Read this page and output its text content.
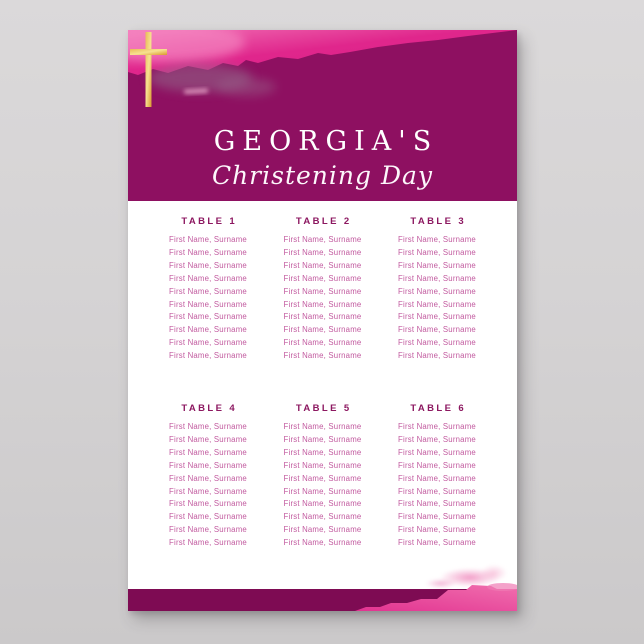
GEORGIA'S
Christening Day
TABLE 1
First Name, Surname
First Name, Surname
First Name, Surname
First Name, Surname
First Name, Surname
First Name, Surname
First Name, Surname
First Name, Surname
First Name, Surname
First Name, Surname
TABLE 2
First Name, Surname
First Name, Surname
First Name, Surname
First Name, Surname
First Name, Surname
First Name, Surname
First Name, Surname
First Name, Surname
First Name, Surname
First Name, Surname
TABLE 3
First Name, Surname
First Name, Surname
First Name, Surname
First Name, Surname
First Name, Surname
First Name, Surname
First Name, Surname
First Name, Surname
First Name, Surname
First Name, Surname
TABLE 4
First Name, Surname
First Name, Surname
First Name, Surname
First Name, Surname
First Name, Surname
First Name, Surname
First Name, Surname
First Name, Surname
First Name, Surname
First Name, Surname
TABLE 5
First Name, Surname
First Name, Surname
First Name, Surname
First Name, Surname
First Name, Surname
First Name, Surname
First Name, Surname
First Name, Surname
First Name, Surname
First Name, Surname
TABLE 6
First Name, Surname
First Name, Surname
First Name, Surname
First Name, Surname
First Name, Surname
First Name, Surname
First Name, Surname
First Name, Surname
First Name, Surname
First Name, Surname
